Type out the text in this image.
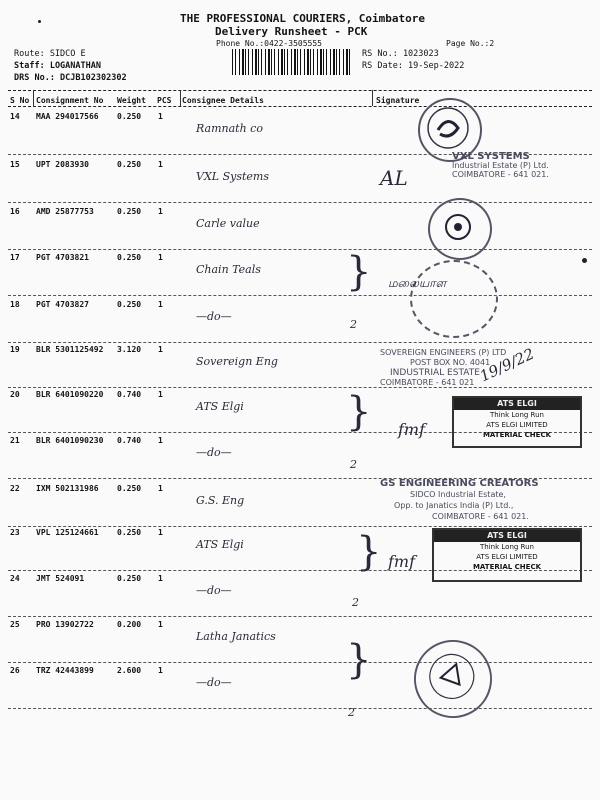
THE PROFESSIONAL COURIERS, Coimbatore
Delivery Runsheet - PCK
Phone No.:0422-3505555	Page No.:2
Route: SIDCO E
Staff: LOGANATHAN
DRS No.: DCJB102302302
RS No.: 1023023
RS Date: 19-Sep-2022
S No Consignment No Weight PCS Consignee Details	Signature
14 MAA 294017566 0.250 1
Ramnath co
15 UPT 2083930	0.250 1
VXL Systems
16 AMD 25877753	0.250 1
Carle value
17 PGT 4703821	0.250 1
Chain Teals
18 PGT 4703827	0.250 1
—do—
19 BLR 5301125492 3.120 1
Sovereign Eng
20 BLR 6401090220 0.740 1
ATS Elgi
21 BLR 6401090230 0.740 1
—do—
22 IXM 502131986 0.250 1
G.S. Eng
23 VPL 125124661 0.250 1
ATS Elgi
24 JMT 524091	0.250 1
—do—
25 PRO 13902722	0.200 1
Latha Janatics
26 TRZ 42443899	2.600 1
—do—
VXL SYSTEMS
Industrial Estate (P) Ltd.
COIMBATORE - 641 021.
AL
மலையாள
SOVEREIGN ENGINEERS (P) LTD
POST BOX NO. 4041
INDUSTRIAL ESTATE
COIMBATORE - 641 021 19/9/22
ATS ELGI
Think Long Run
ATS ELGI LIMITED
MATERIAL CHECK
fmf
GS ENGINEERING CREATORS
SIDCO Industrial Estate,
Opp. to Janatics India (P) Ltd.,
COIMBATORE - 641 021.
ATS ELGI
Think Long Run
ATS ELGI LIMITED
MATERIAL CHECK
fmf
}
2
}
2
}
2
}
2
